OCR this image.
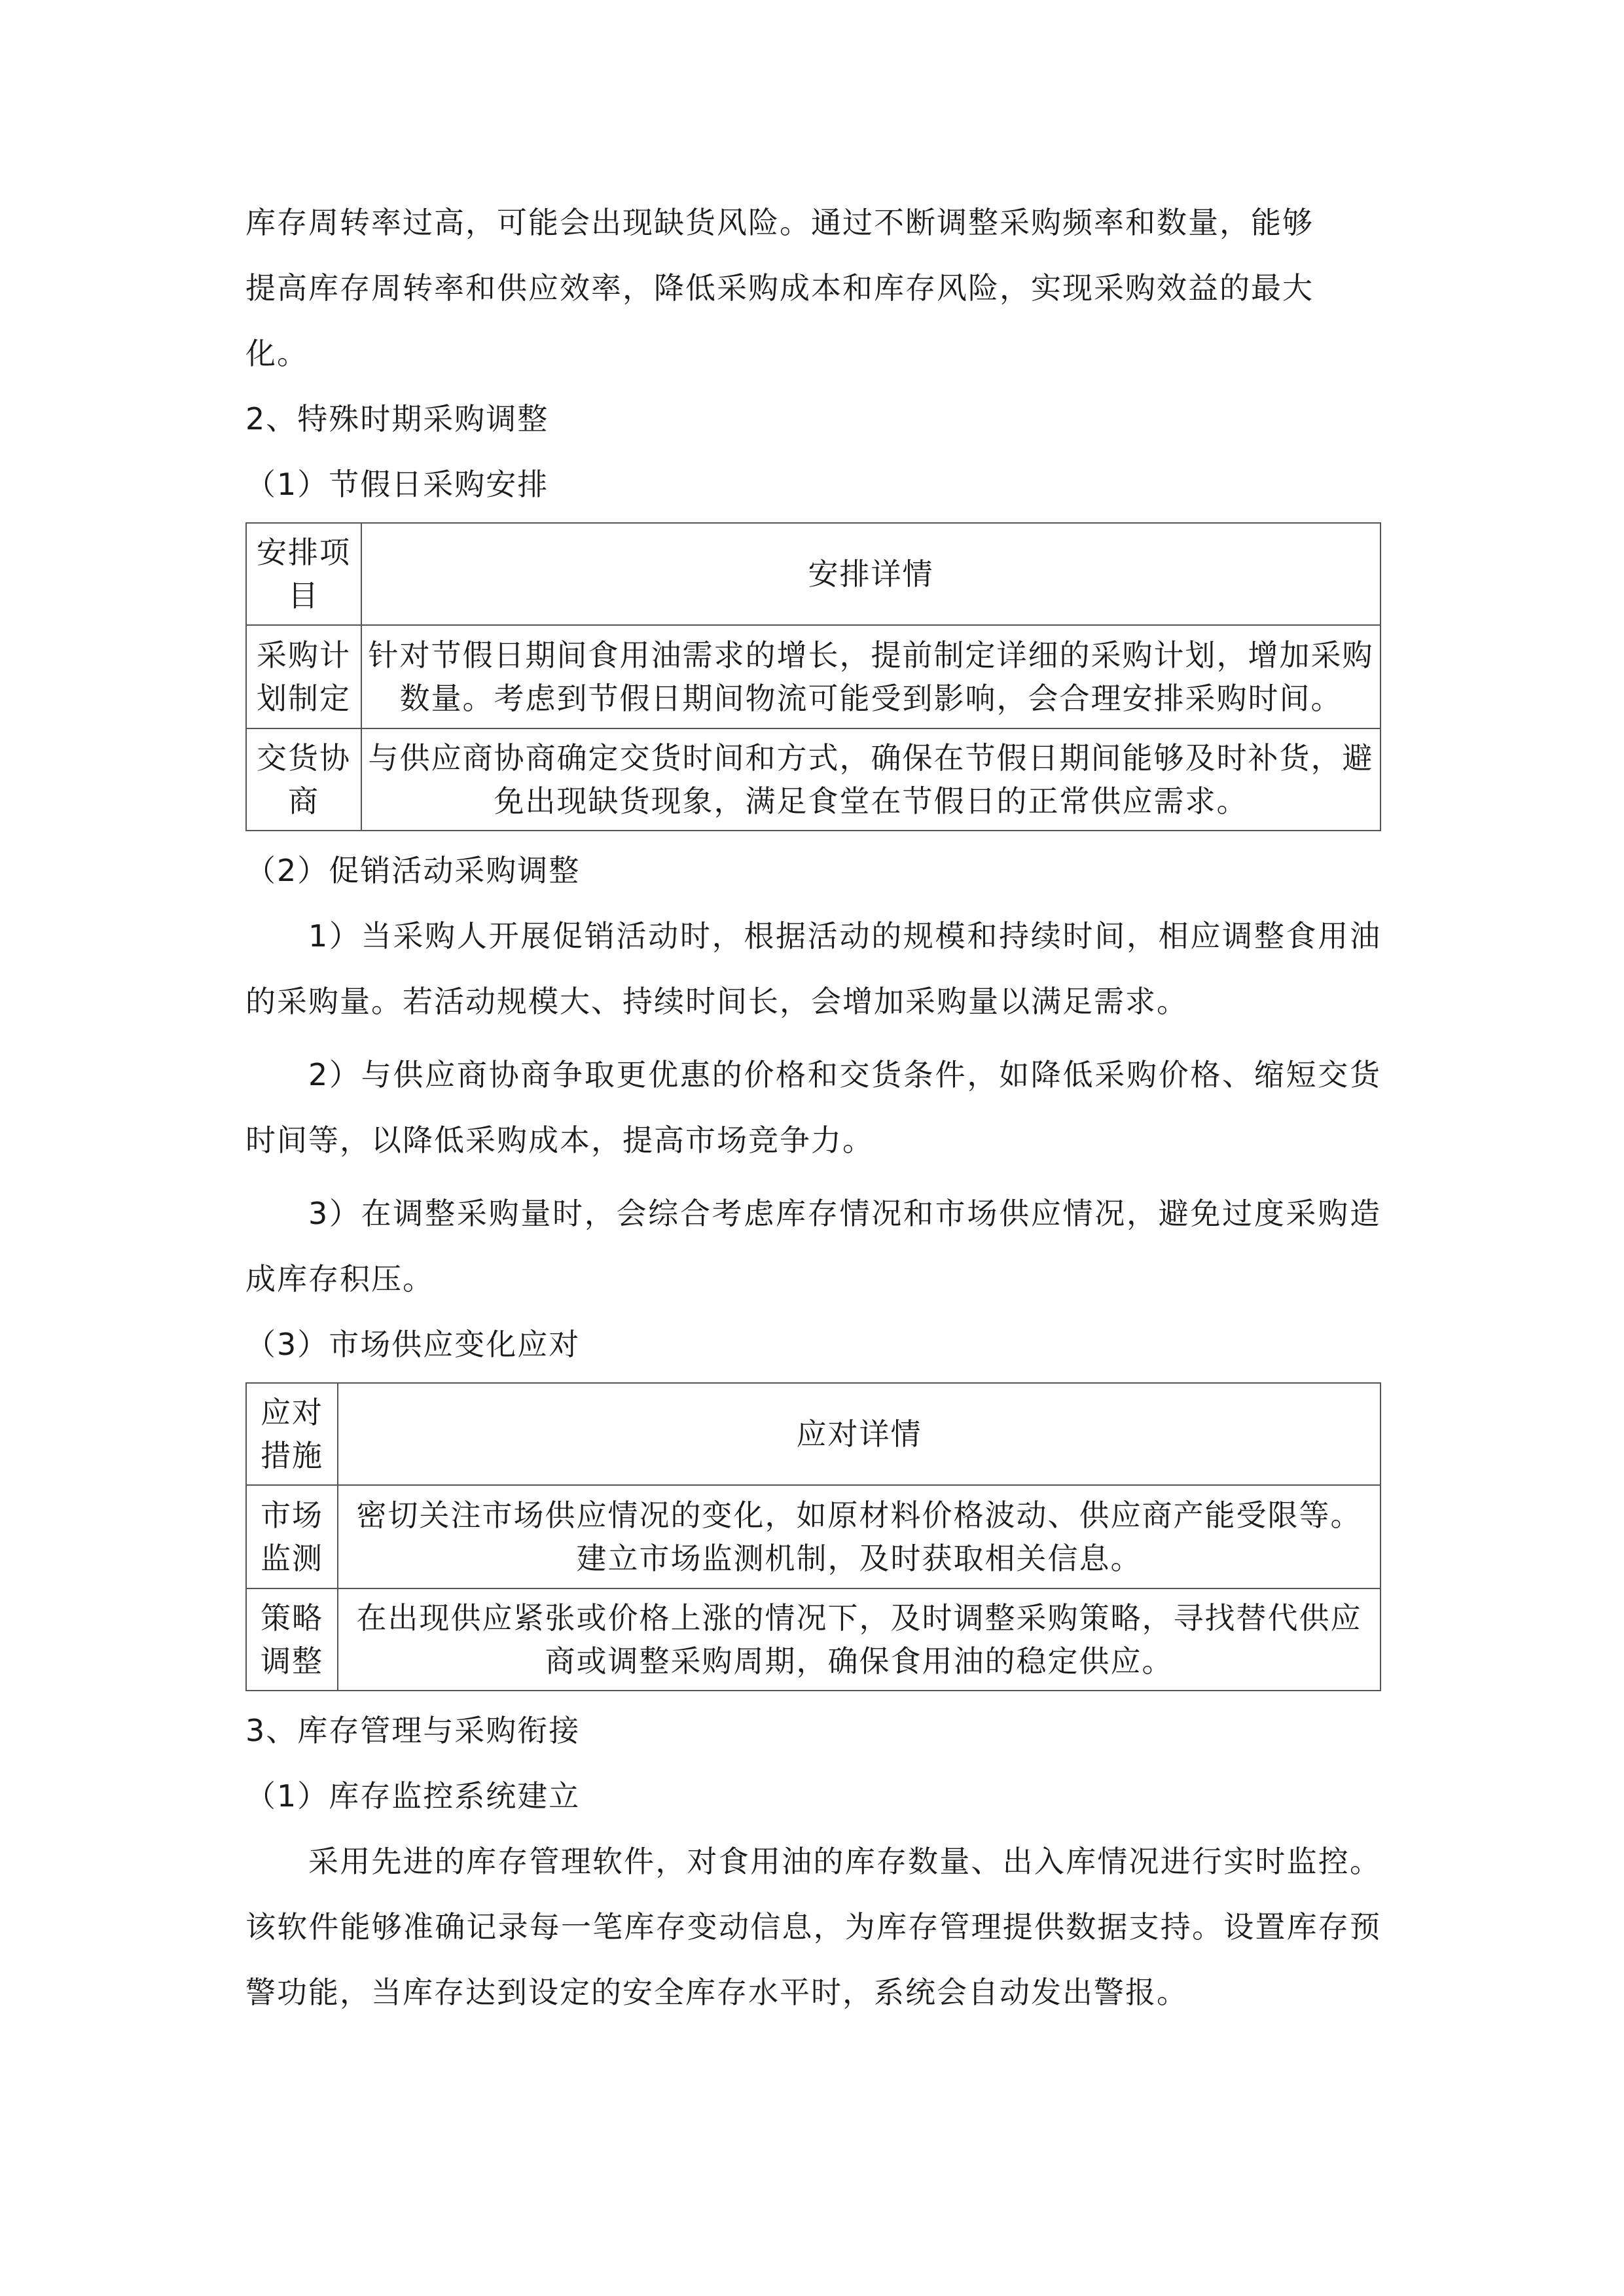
库存周转率过高，可能会出现缺货风险。通过不断调整采购频率和数量，能够

提高库存周转率和供应效率，降低采购成本和库存风险，实现采购效益的最大

化。

2、特殊时期采购调整

（1）节假日采购安排

安排项目	安排详情
采购计划制定	针对节假日期间食用油需求的增长，提前制定详细的采购计划，增加采购数量。考虑到节假日期间物流可能受到影响，会合理安排采购时间。
交货协商	与供应商协商确定交货时间和方式，确保在节假日期间能够及时补货，避免出现缺货现象，满足食堂在节假日的正常供应需求。

（2）促销活动采购调整

1）当采购人开展促销活动时，根据活动的规模和持续时间，相应调整食用油的采购量。若活动规模大、持续时间长，会增加采购量以满足需求。

2）与供应商协商争取更优惠的价格和交货条件，如降低采购价格、缩短交货时间等，以降低采购成本，提高市场竞争力。

3）在调整采购量时，会综合考虑库存情况和市场供应情况，避免过度采购造成库存积压。

（3）市场供应变化应对

应对措施	应对详情
市场监测	密切关注市场供应情况的变化，如原材料价格波动、供应商产能受限等。建立市场监测机制，及时获取相关信息。
策略调整	在出现供应紧张或价格上涨的情况下，及时调整采购策略，寻找替代供应商或调整采购周期，确保食用油的稳定供应。

3、库存管理与采购衔接

（1）库存监控系统建立

采用先进的库存管理软件，对食用油的库存数量、出入库情况进行实时监控。该软件能够准确记录每一笔库存变动信息，为库存管理提供数据支持。设置库存预警功能，当库存达到设定的安全库存水平时，系统会自动发出警报。
